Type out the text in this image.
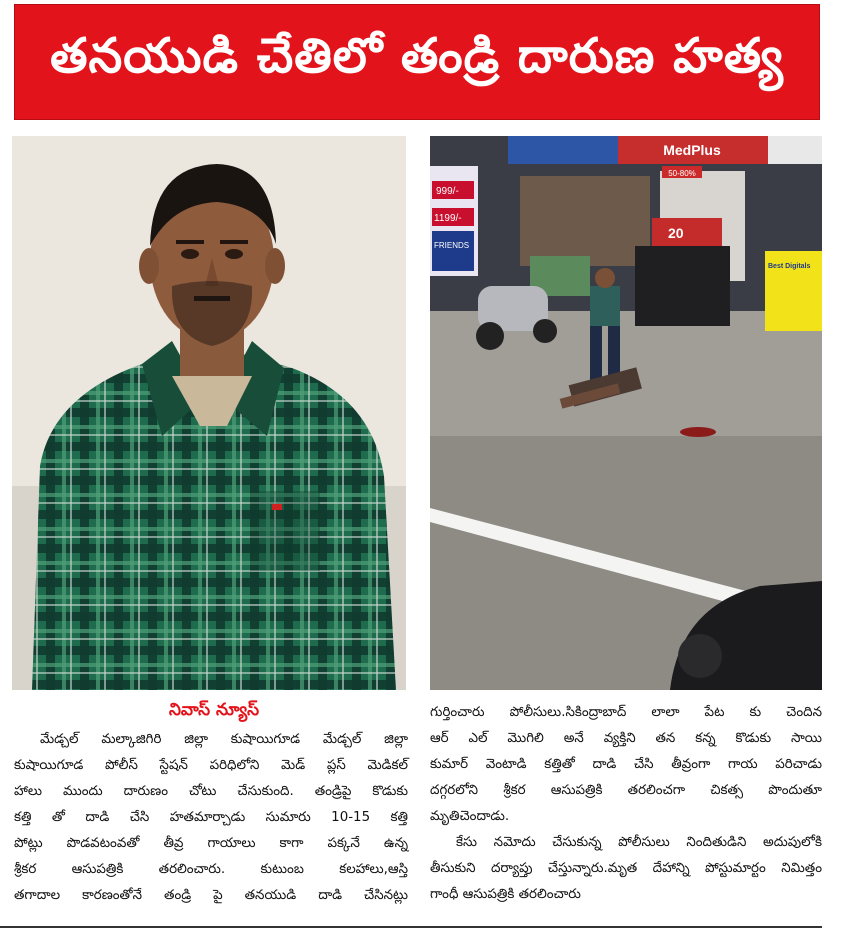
తనయుడి చేతిలో తండ్రి దారుణ హత్య
MedPlus
50-80%
20
999/-
1199/-
FRIENDS
Best Digitals
నివాస్ న్యూస్
మేడ్చల్ మల్కాజిగిరి జిల్లా కుషాయిగూడ మేడ్చల్ జిల్లా
కుషాయిగూడ పోలీస్ స్టేషన్ పరిధిలోని మెడ్ ప్లస్ మెడికల్
హాలు ముందు దారుణం చోటు చేసుకుంది. తండ్రిపై కొడుకు
కత్తి తో దాడి చేసి హతమార్చాడు సుమారు 10-15 కత్తి
పోట్లు పొడవటంవతో తీవ్ర గాయాలు కాగా పక్కనే ఉన్న
శ్రీకర ఆసుపత్రికి తరలించారు. కుటుంబ కలహాలు,ఆస్తి
తగాదాల కారణంతోనే తండ్రి పై తనయుడి దాడి చేసినట్లు
గుర్తించారు పోలీసులు.సికింద్రాబాద్ లాలా పేట కు చెందిన
ఆర్ ఎల్ మొగిలి అనే వ్యక్తిని తన కన్న కొడుకు సాయి
కుమార్ వెంటాడి కత్తితో దాడి చేసి తీవ్రంగా గాయ పరిచాడు
దగ్గరలోని శ్రీకర ఆసుపత్రికి తరలించగా చికత్స పొందుతూ
మృతిచెందాడు.
కేసు నమోదు చేసుకున్న పోలీసులు నిందితుడిని అదుపులోకి
తీసుకుని దర్యాప్తు చేస్తున్నారు.మృత దేహాన్ని పోస్టుమార్టం నిమిత్తం
గాంధీ ఆసుపత్రికి తరలించారు
